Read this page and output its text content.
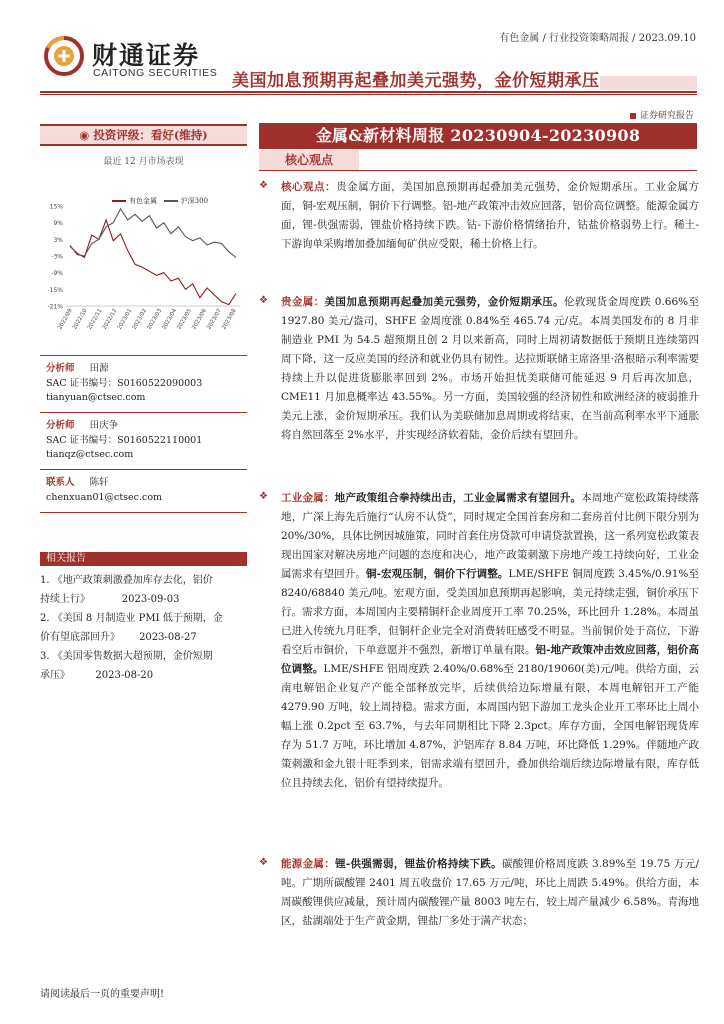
财通证券
CAITONG SECURITIES
有色金属 / 行业投资策略周报 / 2023.09.10
美国加息预期再起叠加美元强势，金价短期承压
证券研究报告
◉ 投资评级：看好(维持)
最近 12 月市场表现
15%
9%
3%
-3%
-9%
-15%
-21%
2022/09
2022/10
2022/11
2022/12
2023/01
2023/02
2023/03
2023/04
2023/05
2023/06
2023/07
2023/08
有色金属	沪深300
分析师 田源
SAC 证书编号：S0160522090003
tianyuan@ctsec.com
分析师 田庆争
SAC 证书编号：S0160522110001
tianqz@ctsec.com
联系人 陈轩
chenxuan01@ctsec.com
相关报告
1. 《地产政策刺激叠加库存去化，铝价
持续上行》          2023-09-03
2. 《美国 8 月制造业 PMI 低于预期，金
价有望底部回升》      2023-08-27
3. 《美国零售数据大超预期，金价短期
承压》        2023-08-20
金属&新材料周报 20230904-20230908
核心观点
❖ 核心观点：贵金属方面，美国加息预期再起叠加美元强势，金价短期承压。工业金属方面，铜-宏观压制，铜价下行调整。铝-地产政策冲击效应回落，铝价高位调整。能源金属方面，锂-供强需弱，锂盐价格持续下跌。钴-下游价格情绪抬升，钴盐价格弱势上行。稀土-下游询单采购增加叠加缅甸矿供应受限，稀土价格上行。

❖ 贵金属：美国加息预期再起叠加美元强势，金价短期承压。伦敦现货金周度跌 0.66%至 1927.80 美元/盎司，SHFE 金周度涨 0.84%至 465.74 元/克。本周美国发布的 8 月非制造业 PMI 为 54.5 超预期且创 2 月以来新高，同时上周初请数据低于预期且连续第四周下降，这一反应美国的经济和就业仍具有韧性。达拉斯联储主席洛里·洛根暗示利率需要持续上升以促进货膨胀率回到 2%。市场开始担忧美联储可能延迟 9 月后再次加息，CME11 月加息概率达 43.55%。另一方面，美国较强的经济韧性和欧洲经济的疲弱推升美元上涨，金价短期承压。我们认为美联储加息周期或将结束，在当前高利率水平下通胀将自然回落至 2%水平，并实现经济软着陆，金价后续有望回升。

❖ 工业金属：地产政策组合拳持续出击，工业金属需求有望回升。本周地产宽松政策持续落地，广深上海先后施行“认房不认贷”，同时规定全国首套房和二套房首付比例下限分别为 20%/30%，具体比例因城施策，同时首套住房贷款可申请贷款置换，这一系列宽松政策表现出国家对解决房地产问题的态度和决心，地产政策刺激下房地产竣工持续向好，工业金属需求有望回升。铜-宏观压制，铜价下行调整。LME/SHFE 铜周度跌 3.45%/0.91%至 8240/68840 美元/吨。宏观方面，受美国加息预期再起影响，美元持续走强，铜价承压下行。需求方面，本周国内主要精铜杆企业周度开工率 70.25%，环比回升 1.28%。本周虽已进入传统九月旺季，但铜杆企业完全对消费转旺感受不明显。当前铜价处于高位，下游看空后市铜价，下单意愿并不强烈，新增订单量有限。铝-地产政策冲击效应回落，铝价高位调整。LME/SHFE 铝周度跌 2.40%/0.68%至 2180/19060(美)元/吨。供给方面，云南电解铝企业复产产能全部释放完毕，后续供给边际增量有限，本周电解铝开工产能 4279.90 万吨，较上周持稳。需求方面，本周国内铝下游加工龙头企业开工率环比上周小幅上涨 0.2pct 至 63.7%，与去年同期相比下降 2.3pct。库存方面，全国电解铝现货库存为 51.7 万吨，环比增加 4.87%，沪铝库存 8.84 万吨，环比降低 1.29%。伴随地产政策刺激和金九银十旺季到来，铝需求端有望回升，叠加供给端后续边际增量有限，库存低位且持续去化，铝价有望持续提升。

❖ 能源金属：锂-供强需弱，锂盐价格持续下跌。碳酸锂价格周度跌 3.89%至 19.75 万元/吨。广期所碳酸锂 2401 周五收盘价 17.65 万元/吨，环比上周跌 5.49%。供给方面，本周碳酸锂供应减量，预计周内碳酸锂产量 8003 吨左右，较上周产量减少 6.58%。青海地区，盐湖端处于生产黄金期，锂盐厂多处于满产状态；

请阅读最后一页的重要声明!
